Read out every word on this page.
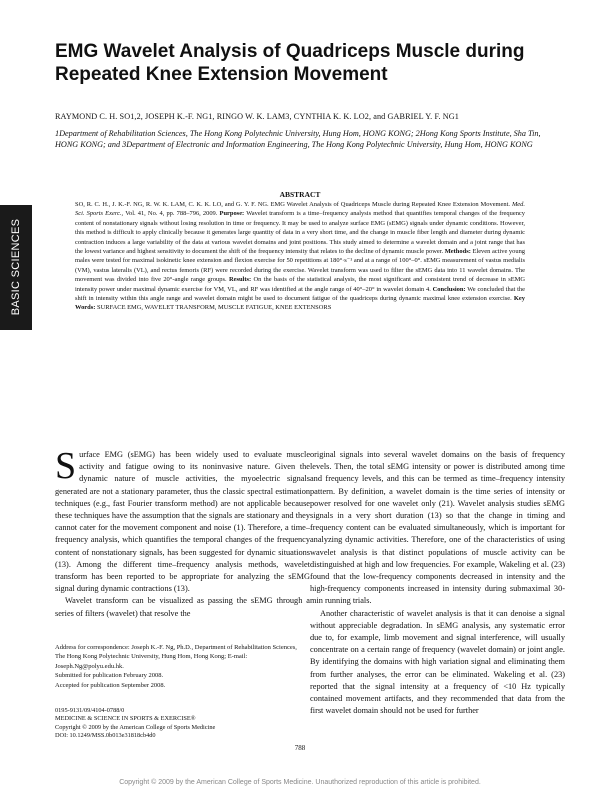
BASIC SCIENCES
EMG Wavelet Analysis of Quadriceps Muscle during Repeated Knee Extension Movement
RAYMOND C. H. SO1,2, JOSEPH K.-F. NG1, RINGO W. K. LAM3, CYNTHIA K. K. LO2, and GABRIEL Y. F. NG1
1Department of Rehabilitation Sciences, The Hong Kong Polytechnic University, Hung Hom, HONG KONG; 2Hong Kong Sports Institute, Sha Tin, HONG KONG; and 3Department of Electronic and Information Engineering, The Hong Kong Polytechnic University, Hung Hom, HONG KONG
ABSTRACT
SO, R. C. H., J. K.-F. NG, R. W. K. LAM, C. K. K. LO, and G. Y. F. NG. EMG Wavelet Analysis of Quadriceps Muscle during Repeated Knee Extension Movement. Med. Sci. Sports Exerc., Vol. 41, No. 4, pp. 788–796, 2009. Purpose: Wavelet transform is a time–frequency analysis method that quantifies temporal changes of the frequency content of nonstationary signals without losing resolution in time or frequency. It may be used to analyze surface EMG (sEMG) signals under dynamic conditions. However, this method is difficult to apply clinically because it generates large quantity of data in a very short time, and the change in muscle fiber length and diameter during dynamic contraction induces a large variability of the data at various wavelet domains and joint positions. This study aimed to determine a wavelet domain and a joint range that has the lowest variance and highest sensitivity to document the shift of the frequency intensity that relates to the decline of dynamic muscle power. Methods: Eleven active young males were tested for maximal isokinetic knee extension and flexion exercise for 50 repetitions at 180°·s⁻¹ and at a range of 100°–0°. sEMG measurement of vastus medialis (VM), vastus lateralis (VL), and rectus femoris (RF) were recorded during the exercise. Wavelet transform was used to filter the sEMG data into 11 wavelet domains. The movement was divided into five 20°-angle range groups. Results: On the basis of the statistical analysis, the most significant and consistent trend of decrease in sEMG intensity power under maximal dynamic exercise for VM, VL, and RF was identified at the angle range of 40°–20° in wavelet domain 4. Conclusion: We concluded that the shift in intensity within this angle range and wavelet domain might be used to document fatigue of the quadriceps during dynamic maximal knee extension exercise. Key Words: SURFACE EMG, WAVELET TRANSFORM, MUSCLE FATIGUE, KNEE EXTENSORS

Surface EMG (sEMG) has been widely used to evaluate muscle activity and fatigue owing to its noninvasive nature. Given the dynamic nature of muscle activities, the myoelectric signals generated are not a stationary parameter, thus the classic spectral estimation techniques (e.g., fast Fourier transform method) are not applicable because these techniques have the assumption that the signals are stationary and they cannot cater for the movement component and noise (1). Therefore, a time–frequency analysis, which quantifies the temporal changes of the frequency content of nonstationary signals, has been suggested for dynamic situations (13). Among the different time–frequency analysis methods, wavelet transform has been reported to be appropriate for analyzing the sEMG signal during dynamic contractions (13).

Wavelet transform can be visualized as passing the sEMG through a series of filters (wavelet) that resolve the

original signals into several wavelet domains on the basis of frequency levels. Then, the total sEMG intensity or power is distributed among time and frequency levels, and this can be termed as time–frequency intensity pattern. By definition, a wavelet domain is the time series of intensity or power resolved for one wavelet only (21). Wavelet analysis studies sEMG signals in a very short duration (13) so that the change in timing and frequency content can be evaluated simultaneously, which is important for analyzing dynamic activities. Therefore, one of the characteristics of using wavelet analysis is that distinct populations of muscle activity can be distinguished at high and low frequencies. For example, Wakeling et al. (23) found that the low-frequency components decreased in intensity and the high-frequency components increased in intensity during submaximal 30-min running trials.

Another characteristic of wavelet analysis is that it can denoise a signal without appreciable degradation. In sEMG analysis, any systematic error due to, for example, limb movement and signal interference, will usually concentrate on a certain range of frequency (wavelet domain) or joint angle. By identifying the domains with high variation signal and eliminating them from further analyses, the error can be eliminated. Wakeling et al. (23) reported that the signal intensity at a frequency of <10 Hz typically contained movement artifacts, and they recommended that data from the first wavelet domain should not be used for further

Address for correspondence: Joseph K.-F. Ng, Ph.D., Department of Rehabilitation Sciences, The Hong Kong Polytechnic University, Hung Hom, Hong Kong; E-mail: Joseph.Ng@polyu.edu.hk.
Submitted for publication February 2008.
Accepted for publication September 2008.
0195-9131/09/4104-0788/0
MEDICINE & SCIENCE IN SPORTS & EXERCISE®
Copyright © 2009 by the American College of Sports Medicine
DOI: 10.1249/MSS.0b013e31818cb4d0
788
Copyright © 2009 by the American College of Sports Medicine. Unauthorized reproduction of this article is prohibited.
